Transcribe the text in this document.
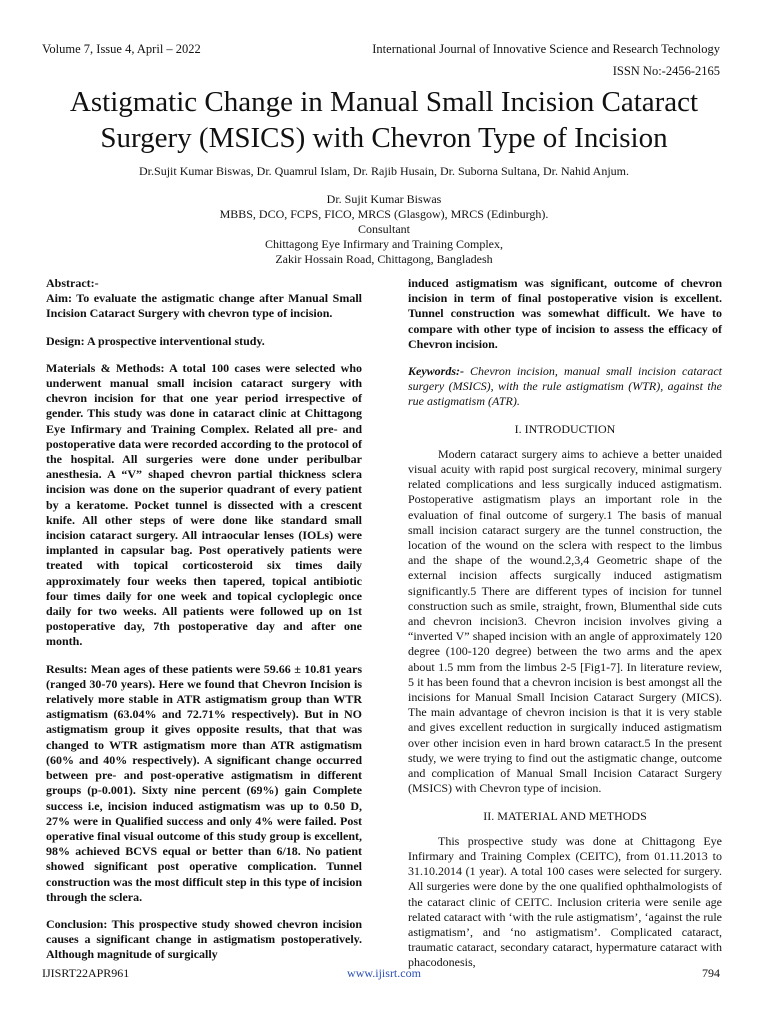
Volume 7, Issue 4, April – 2022	International Journal of Innovative Science and Research Technology
ISSN No:-2456-2165
Astigmatic Change in Manual Small Incision Cataract Surgery (MSICS) with Chevron Type of Incision
Dr.Sujit Kumar Biswas, Dr. Quamrul Islam, Dr. Rajib Husain, Dr. Suborna Sultana, Dr. Nahid Anjum.
Dr. Sujit Kumar Biswas
MBBS, DCO, FCPS, FICO, MRCS (Glasgow), MRCS (Edinburgh).
Consultant
Chittagong Eye Infirmary and Training Complex,
Zakir Hossain Road, Chittagong, Bangladesh

Abstract:-

Aim: To evaluate the astigmatic change after Manual Small Incision Cataract Surgery with chevron type of incision.

Design: A prospective interventional study.

Materials & Methods: A total 100 cases were selected who underwent manual small incision cataract surgery with chevron incision for that one year period irrespective of gender. This study was done in cataract clinic at Chittagong Eye Infirmary and Training Complex. Related all pre- and postoperative data were recorded according to the protocol of the hospital. All surgeries were done under peribulbar anesthesia. A “V” shaped chevron partial thickness sclera incision was done on the superior quadrant of every patient by a keratome. Pocket tunnel is dissected with a crescent knife. All other steps of were done like standard small incision cataract surgery. All intraocular lenses (IOLs) were implanted in capsular bag. Post operatively patients were treated with topical corticosteroid six times daily approximately four weeks then tapered, topical antibiotic four times daily for one week and topical cycloplegic once daily for two weeks. All patients were followed up on 1st postoperative day, 7th postoperative day and after one month.

Results: Mean ages of these patients were 59.66 ± 10.81 years (ranged 30-70 years). Here we found that Chevron Incision is relatively more stable in ATR astigmatism group than WTR astigmatism (63.04% and 72.71% respectively). But in NO astigmatism group it gives opposite results, that that was changed to WTR astigmatism more than ATR astigmatism (60% and 40% respectively). A significant change occurred between pre- and post-operative astigmatism in different groups (p-0.001). Sixty nine percent (69%) gain Complete success i.e, incision induced astigmatism was up to 0.50 D, 27% were in Qualified success and only 4% were failed. Post operative final visual outcome of this study group is excellent, 98% achieved BCVS equal or better than 6/18. No patient showed significant post operative complication. Tunnel construction was the most difficult step in this type of incision through the sclera.

Conclusion: This prospective study showed chevron incision causes a significant change in astigmatism postoperatively. Although magnitude of surgically

induced astigmatism was significant, outcome of chevron incision in term of final postoperative vision is excellent. Tunnel construction was somewhat difficult. We have to compare with other type of incision to assess the efficacy of Chevron incision.

Keywords:- Chevron incision, manual small incision cataract surgery (MSICS), with the rule astigmatism (WTR), against the rue astigmatism (ATR).

I. INTRODUCTION

Modern cataract surgery aims to achieve a better unaided visual acuity with rapid post surgical recovery, minimal surgery related complications and less surgically induced astigmatism. Postoperative astigmatism plays an important role in the evaluation of final outcome of surgery.1 The basis of manual small incision cataract surgery are the tunnel construction, the location of the wound on the sclera with respect to the limbus and the shape of the wound.2,3,4 Geometric shape of the external incision affects surgically induced astigmatism significantly.5 There are different types of incision for tunnel construction such as smile, straight, frown, Blumenthal side cuts and chevron incision3. Chevron incision involves giving a “inverted V” shaped incision with an angle of approximately 120 degree (100-120 degree) between the two arms and the apex about 1.5 mm from the limbus 2-5 [Fig1-7]. In literature review, 5 it has been found that a chevron incision is best amongst all the incisions for Manual Small Incision Cataract Surgery (MICS). The main advantage of chevron incision is that it is very stable and gives excellent reduction in surgically induced astigmatism over other incision even in hard brown cataract.5 In the present study, we were trying to find out the astigmatic change, outcome and complication of Manual Small Incision Cataract Surgery (MSICS) with Chevron type of incision.

II. MATERIAL AND METHODS

This prospective study was done at Chittagong Eye Infirmary and Training Complex (CEITC), from 01.11.2013 to 31.10.2014 (1 year). A total 100 cases were selected for surgery. All surgeries were done by the one qualified ophthalmologists of the cataract clinic of CEITC. Inclusion criteria were senile age related cataract with ‘with the rule astigmatism’, ‘against the rule astigmatism’, and ‘no astigmatism’. Complicated cataract, traumatic cataract, secondary cataract, hypermature cataract with phacodonesis,

IJISRT22APR961	www.ijisrt.com	794
